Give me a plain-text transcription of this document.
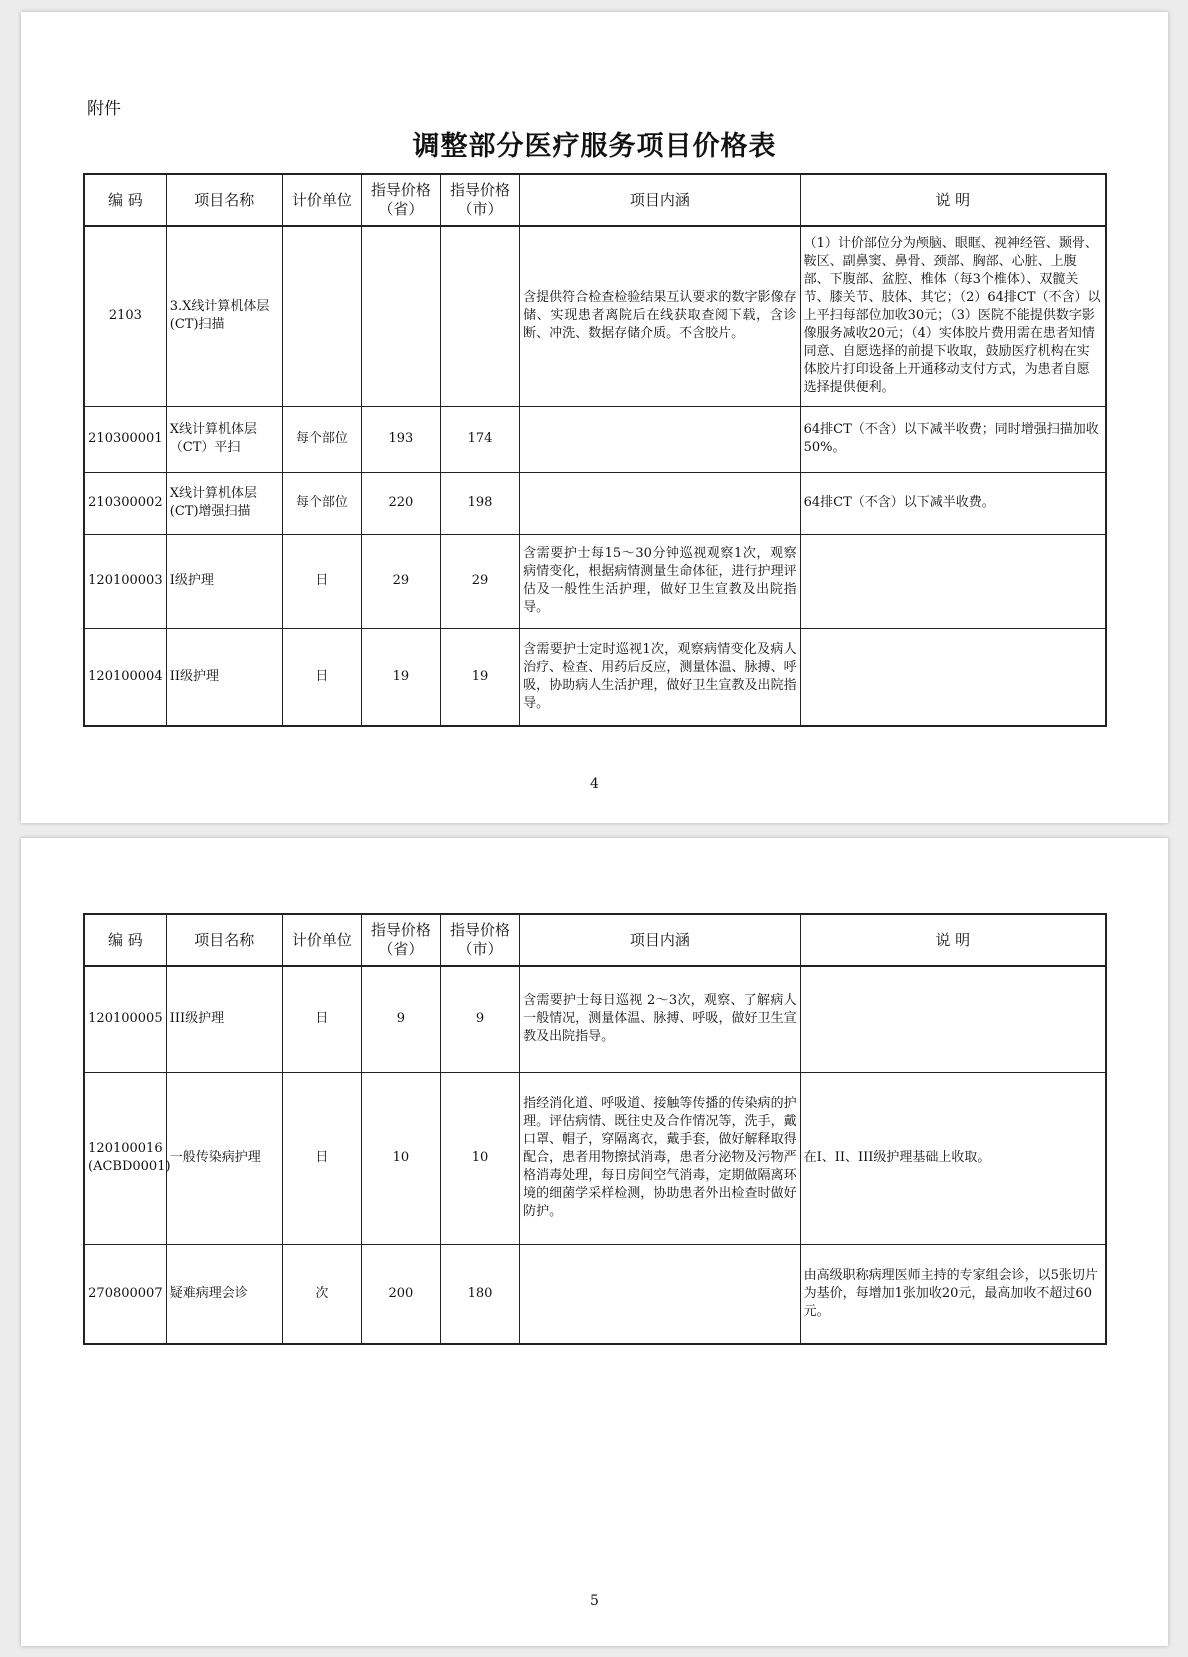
附件
调整部分医疗服务项目价格表
编 码	项目名称	计价单位	指导价格（省）	指导价格（市）	项目内涵	说 明
2103	3.X线计算机体层(CT)扫描				含提供符合检查检验结果互认要求的数字影像存储、实现患者离院后在线获取查阅下载，含诊断、冲洗、数据存储介质。不含胶片。	（1）计价部位分为颅脑、眼眶、视神经管、颞骨、鞍区、副鼻窦、鼻骨、颈部、胸部、心脏、上腹部、下腹部、盆腔、椎体（每3个椎体）、双髋关节、膝关节、肢体、其它；（2）64排CT（不含）以上平扫每部位加收30元；（3）医院不能提供数字影像服务减收20元；（4）实体胶片费用需在患者知情同意、自愿选择的前提下收取，鼓励医疗机构在实体胶片打印设备上开通移动支付方式，为患者自愿选择提供便利。
210300001	X线计算机体层（CT）平扫	每个部位	193	174		64排CT（不含）以下减半收费；同时增强扫描加收50%。
210300002	X线计算机体层(CT)增强扫描	每个部位	220	198		64排CT（不含）以下减半收费。
120100003	I级护理	日	29	29	含需要护士每15～30分钟巡视观察1次，观察病情变化，根据病情测量生命体征，进行护理评估及一般性生活护理，做好卫生宣教及出院指导。	
120100004	II级护理	日	19	19	含需要护士定时巡视1次，观察病情变化及病人治疗、检查、用药后反应，测量体温、脉搏、呼吸，协助病人生活护理，做好卫生宣教及出院指导。	
4
编 码	项目名称	计价单位	指导价格（省）	指导价格（市）	项目内涵	说 明
120100005	III级护理	日	9	9	含需要护士每日巡视 2～3次，观察、了解病人一般情况，测量体温、脉搏、呼吸，做好卫生宣教及出院指导。	
120100016 (ACBD0001)	一般传染病护理	日	10	10	指经消化道、呼吸道、接触等传播的传染病的护理。评估病情、既往史及合作情况等，洗手，戴口罩、帽子，穿隔离衣，戴手套，做好解释取得配合，患者用物擦拭消毒，患者分泌物及污物严格消毒处理，每日房间空气消毒，定期做隔离环境的细菌学采样检测，协助患者外出检查时做好防护。	在I、II、III级护理基础上收取。
270800007	疑难病理会诊	次	200	180		由高级职称病理医师主持的专家组会诊，以5张切片为基价，每增加1张加收20元，最高加收不超过60元。
5
